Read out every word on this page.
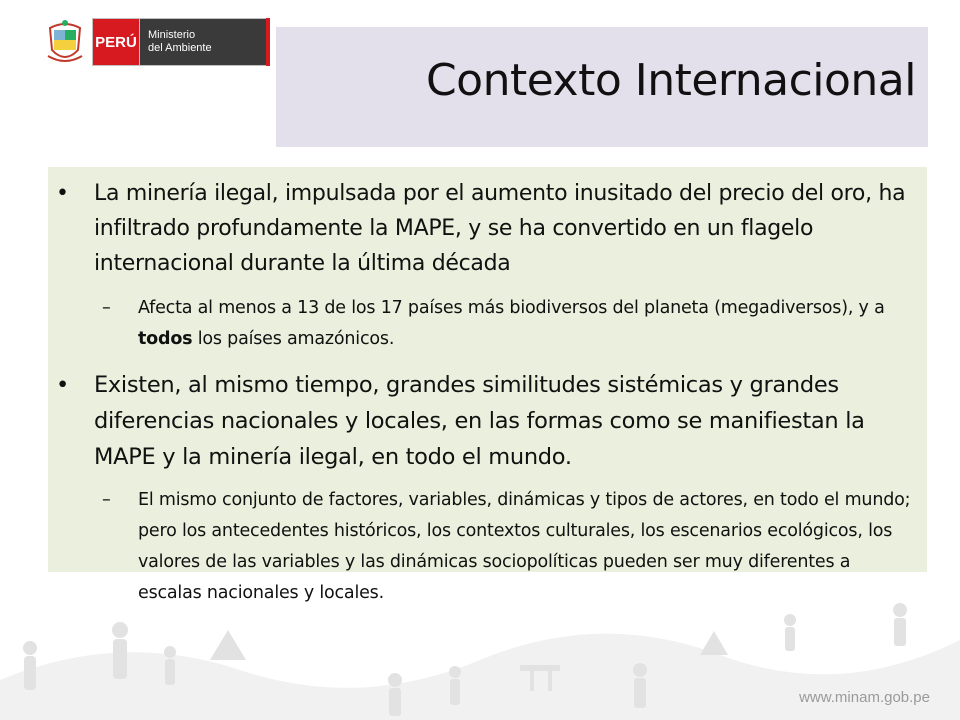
PERÚ Ministerio
del Ambiente
Contexto Internacional
• La minería ilegal, impulsada por el aumento inusitado del precio del oro, ha infiltrado profundamente la MAPE, y se ha convertido en un flagelo internacional durante la última década
– Afecta al menos a 13 de los 17 países más biodiversos del planeta (megadiversos), y a todos los países amazónicos.
• Existen, al mismo tiempo, grandes similitudes sistémicas y grandes diferencias nacionales y locales, en las formas como se manifiestan la MAPE y la minería ilegal, en todo el mundo.
– El mismo conjunto de factores, variables, dinámicas y tipos de actores, en todo el mundo; pero los antecedentes históricos, los contextos culturales, los escenarios ecológicos, los valores de las variables y las dinámicas sociopolíticas pueden ser muy diferentes a escalas nacionales y locales.
www.minam.gob.pe
